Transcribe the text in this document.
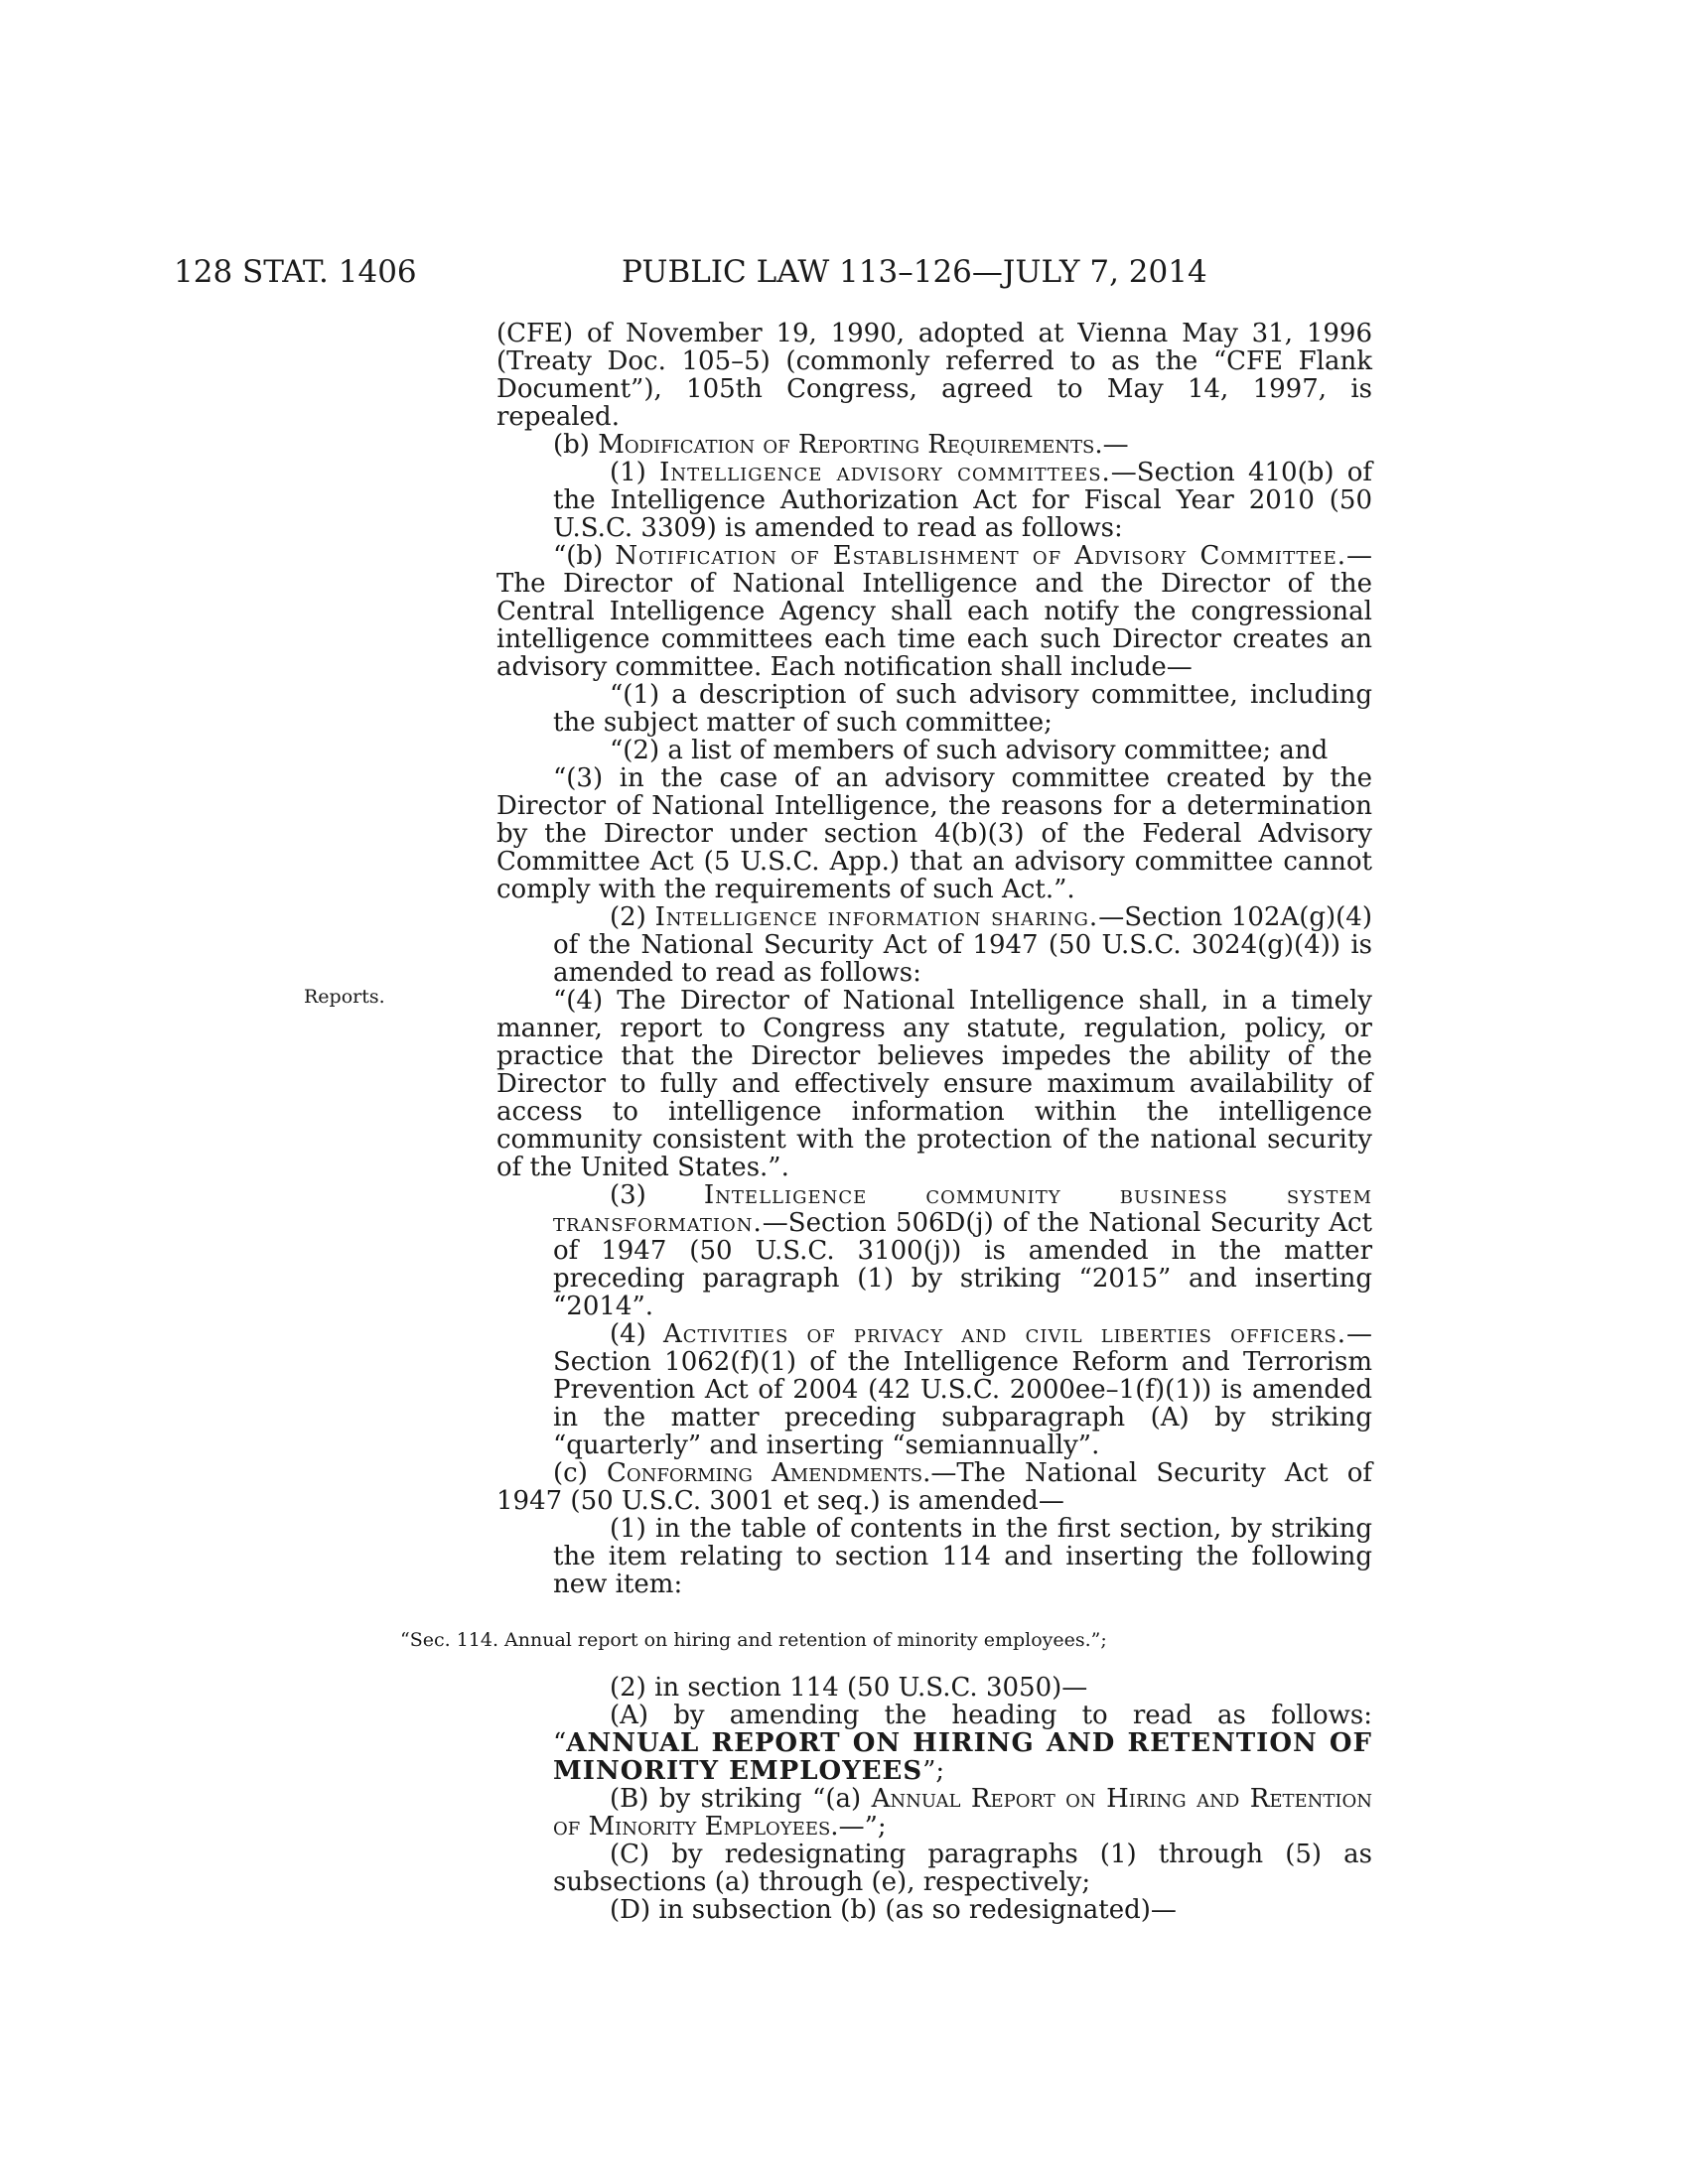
128 STAT. 1406	PUBLIC LAW 113–126—JULY 7, 2014
Reports.

(CFE) of November 19, 1990, adopted at Vienna May 31, 1996 (Treaty Doc. 105–5) (commonly referred to as the “CFE Flank Document”), 105th Congress, agreed to May 14, 1997, is repealed.

(b) Modification of Reporting Requirements.—

(1) Intelligence advisory committees.—Section 410(b) of the Intelligence Authorization Act for Fiscal Year 2010 (50 U.S.C. 3309) is amended to read as follows:

“(b) Notification of Establishment of Advisory Committee.—The Director of National Intelligence and the Director of the Central Intelligence Agency shall each notify the congressional intelligence committees each time each such Director creates an advisory committee. Each notification shall include—

“(1) a description of such advisory committee, including the subject matter of such committee;

“(2) a list of members of such advisory committee; and

“(3) in the case of an advisory committee created by the Director of National Intelligence, the reasons for a determination by the Director under section 4(b)(3) of the Federal Advisory Committee Act (5 U.S.C. App.) that an advisory committee cannot comply with the requirements of such Act.”.

(2) Intelligence information sharing.—Section 102A(g)(4) of the National Security Act of 1947 (50 U.S.C. 3024(g)(4)) is amended to read as follows:

“(4) The Director of National Intelligence shall, in a timely manner, report to Congress any statute, regulation, policy, or practice that the Director believes impedes the ability of the Director to fully and effectively ensure maximum availability of access to intelligence information within the intelligence community consistent with the protection of the national security of the United States.”.

(3) Intelligence community business system transformation.—Section 506D(j) of the National Security Act of 1947 (50 U.S.C. 3100(j)) is amended in the matter preceding paragraph (1) by striking “2015” and inserting “2014”.

(4) Activities of privacy and civil liberties officers.—Section 1062(f)(1) of the Intelligence Reform and Terrorism Prevention Act of 2004 (42 U.S.C. 2000ee–1(f)(1)) is amended in the matter preceding subparagraph (A) by striking “quarterly” and inserting “semiannually”.

(c) Conforming Amendments.—The National Security Act of 1947 (50 U.S.C. 3001 et seq.) is amended—

(1) in the table of contents in the first section, by striking the item relating to section 114 and inserting the following new item:

“Sec. 114. Annual report on hiring and retention of minority employees.”;

(2) in section 114 (50 U.S.C. 3050)—

(A) by amending the heading to read as follows: “ANNUAL REPORT ON HIRING AND RETENTION OF MINORITY EMPLOYEES”;

(B) by striking “(a) Annual Report on Hiring and Retention of Minority Employees.—”;

(C) by redesignating paragraphs (1) through (5) as subsections (a) through (e), respectively;

(D) in subsection (b) (as so redesignated)—
